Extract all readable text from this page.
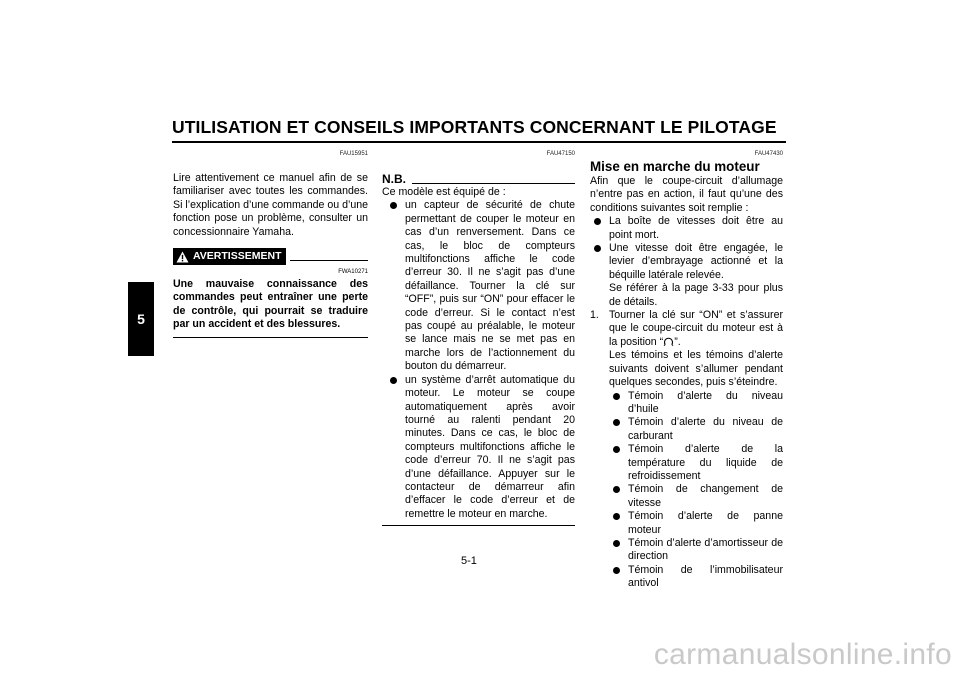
UTILISATION ET CONSEILS IMPORTANTS CONCERNANT LE PILOTAGE
5
FAU15951

Lire attentivement ce manuel afin de se familiariser avec toutes les commandes. Si l’explication d’une commande ou d’une fonction pose un problème, consulter un concessionnaire Yamaha.

AVERTISSEMENT
FWA10271

Une mauvaise connaissance des commandes peut entraîner une perte de contrôle, qui pourrait se traduire par un accident et des blessures.

FAU47150
N.B.
Ce modèle est équipé de :
un capteur de sécurité de chute permettant de couper le moteur en cas d’un renversement. Dans ce cas, le bloc de compteurs multifonctions affiche le code d’erreur 30. Il ne s’agit pas d’une défaillance. Tourner la clé sur “OFF”, puis sur “ON” pour effacer le code d’erreur. Si le contact n’est pas coupé au préalable, le moteur se lance mais ne se met pas en marche lors de l’actionnement du bouton du démarreur.
un système d’arrêt automatique du moteur. Le moteur se coupe automatiquement après avoir tourné au ralenti pendant 20 minutes. Dans ce cas, le bloc de compteurs multifonctions affiche le code d’erreur 70. Il ne s’agit pas d’une défaillance. Appuyer sur le contacteur de démarreur afin d’effacer le code d’erreur et de remettre le moteur en marche.
FAU47430
Mise en marche du moteur

Afin que le coupe-circuit d’allumage n’entre pas en action, il faut qu’une des conditions suivantes soit remplie :

La boîte de vitesses doit être au point mort.
Une vitesse doit être engagée, le levier d’embrayage actionné et la béquille latérale relevée.
Se référer à la page 3-33 pour plus de détails.
1. Tourner la clé sur “ON” et s’assurer que le coupe-circuit du moteur est à la position “ ”.
Les témoins et les témoins d’alerte suivants doivent s’allumer pendant quelques secondes, puis s’éteindre.
Témoin d’alerte du niveau d’huile
Témoin d’alerte du niveau de carburant
Témoin d’alerte de la température du liquide de refroidissement
Témoin de changement de vitesse
Témoin d’alerte de panne moteur
Témoin d’alerte d’amortisseur de direction
Témoin de l’immobilisateur antivol
5-1
carmanualsonline.info
